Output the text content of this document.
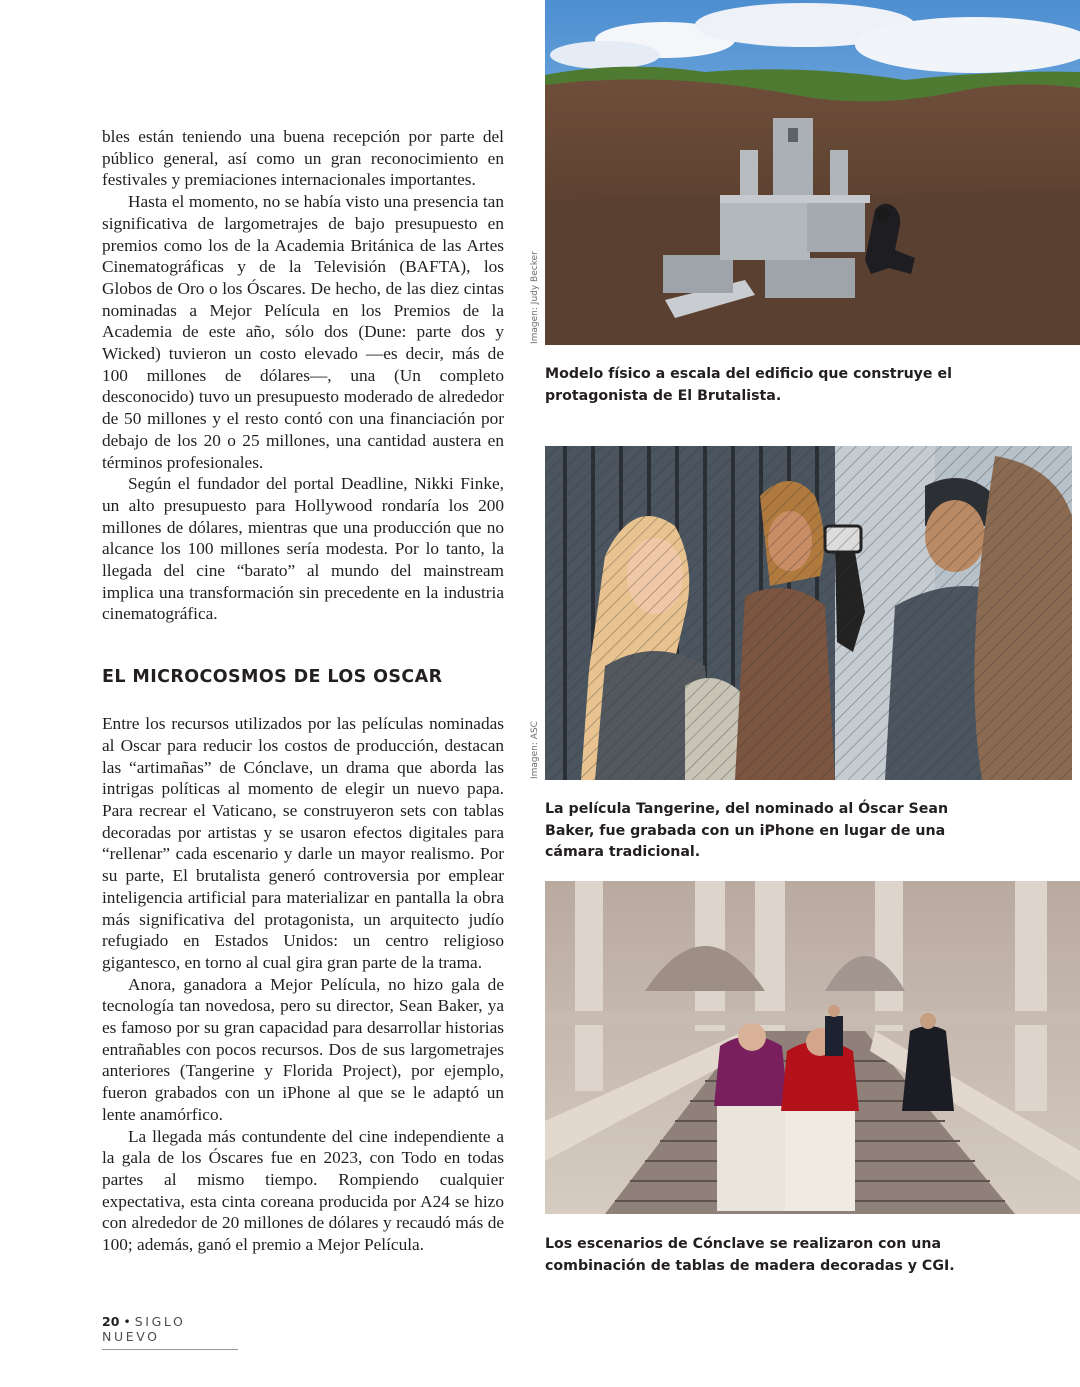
bles están teniendo una buena recepción por parte del público general, así como un gran reconocimiento en festivales y premiaciones internacionales importantes.

Hasta el momento, no se había visto una presencia tan significativa de largometrajes de bajo presupuesto en premios como los de la Academia Británica de las Artes Cinematográficas y de la Televisión (BAFTA), los Globos de Oro o los Óscares. De hecho, de las diez cintas nominadas a Mejor Película en los Premios de la Academia de este año, sólo dos (Dune: parte dos y Wicked) tuvieron un costo elevado —es decir, más de 100 millones de dólares—, una (Un completo desconocido) tuvo un presupuesto moderado de alrededor de 50 millones y el resto contó con una financiación por debajo de los 20 o 25 millones, una cantidad austera en términos profesionales.

Según el fundador del portal Deadline, Nikki Finke, un alto presupuesto para Hollywood rondaría los 200 millones de dólares, mientras que una producción que no alcance los 100 millones sería modesta. Por lo tanto, la llegada del cine “barato” al mundo del mainstream implica una transformación sin precedente en la industria cinematográfica.

EL MICROCOSMOS DE LOS OSCAR

Entre los recursos utilizados por las películas nominadas al Oscar para reducir los costos de producción, destacan las “artimañas” de Cónclave, un drama que aborda las intrigas políticas al momento de elegir un nuevo papa. Para recrear el Vaticano, se construyeron sets con tablas decoradas por artistas y se usaron efectos digitales para “rellenar” cada escenario y darle un mayor realismo. Por su parte, El brutalista generó controversia por emplear inteligencia artificial para materializar en pantalla la obra más significativa del protagonista, un arquitecto judío refugiado en Estados Unidos: un centro religioso gigantesco, en torno al cual gira gran parte de la trama.

Anora, ganadora a Mejor Película, no hizo gala de tecnología tan novedosa, pero su director, Sean Baker, ya es famoso por su gran capacidad para desarrollar historias entrañables con pocos recursos. Dos de sus largometrajes anteriores (Tangerine y Florida Project), por ejemplo, fueron grabados con un iPhone al que se le adaptó un lente anamórfico.

La llegada más contundente del cine independiente a la gala de los Óscares fue en 2023, con Todo en todas partes al mismo tiempo. Rompiendo cualquier expectativa, esta cinta coreana producida por A24 se hizo con alrededor de 20 millones de dólares y recaudó más de 100; además, ganó el premio a Mejor Película.

Imagen: Judy Becker

Modelo físico a escala del edificio que construye el protagonista de El Brutalista.

Imagen: ASC

La película Tangerine, del nominado al Óscar Sean Baker, fue grabada con un iPhone en lugar de una cámara tradicional.

Los escenarios de Cónclave se realizaron con una combinación de tablas de madera decoradas y CGI.

20 • SIGLO NUEVO
